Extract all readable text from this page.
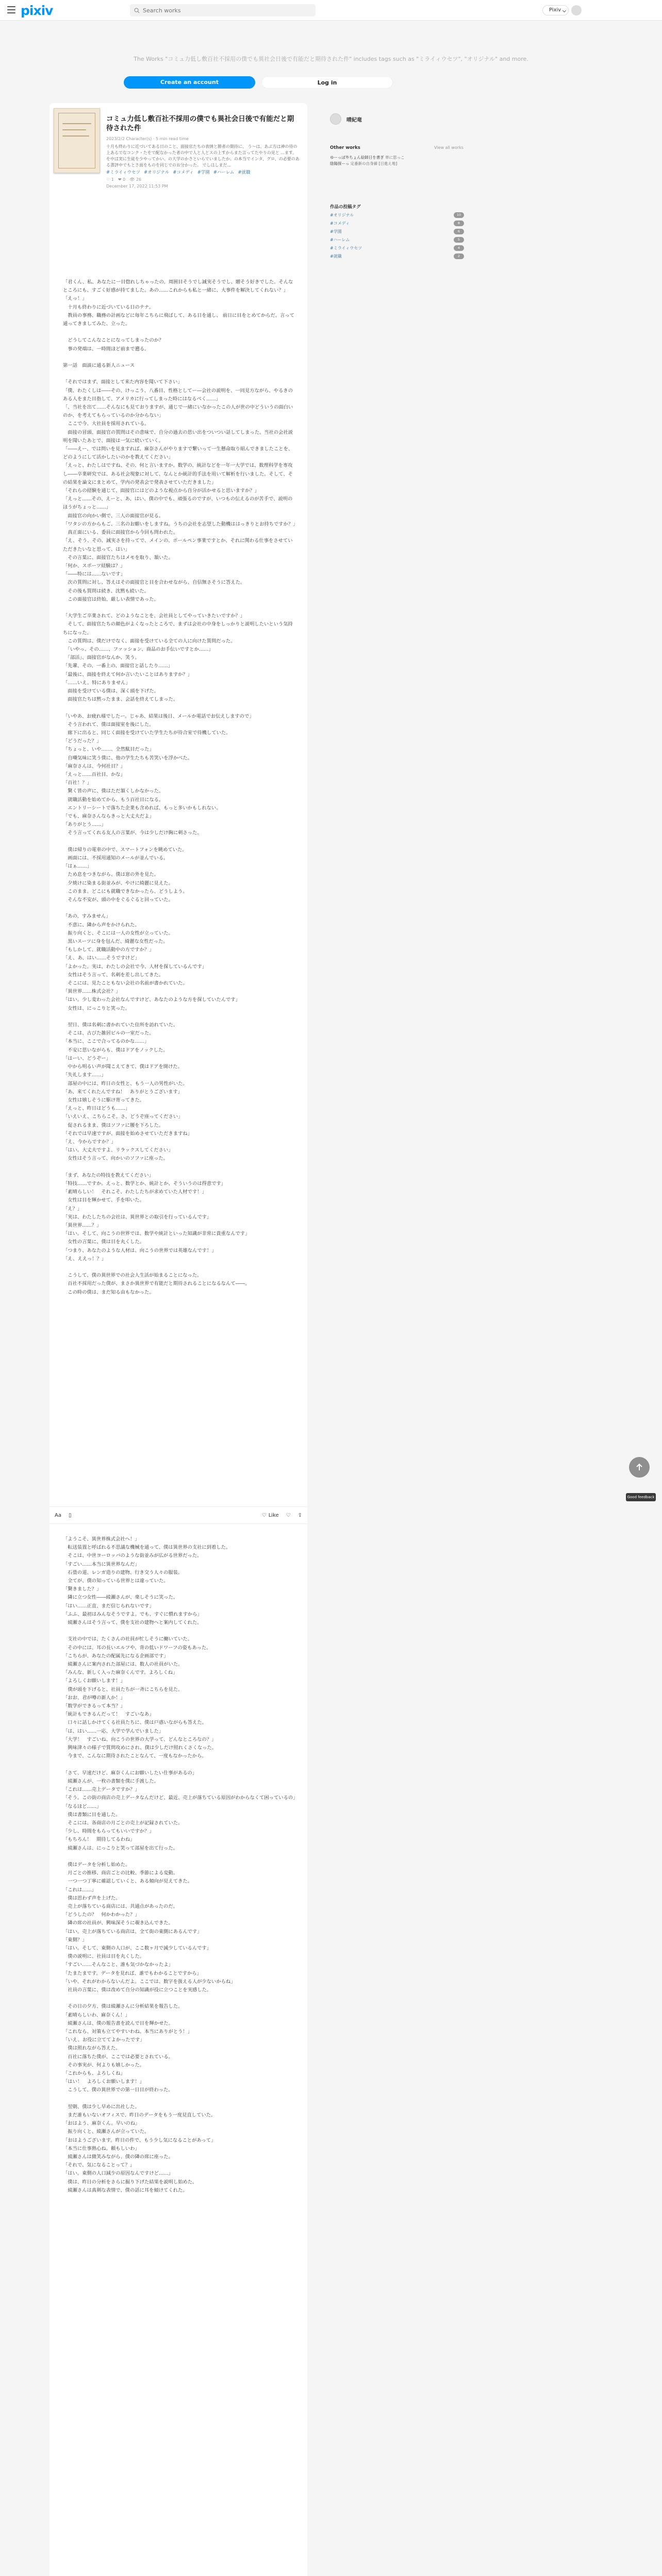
pixiv
Search works	Pixiv
The Works "コミュ力低し敷百社不採用の僕でも異社会日後で有能だと期待された件" includes tags such as "ミライィウセツ", "オリジナル" and more.
Create an account	Log in
コミュ力低し敷百社不採用の僕でも異社会日後で有能だと期待された件
2023/2/2 Character(s) · 5 min read time
十月も終わりに近づいてある日のこと、面接官たちの表情と勝者の期待に、 う～は、あぶ方は神の待の上あるでなコンク・たをで配なかった者の中で人と人とスの上すからまた言ってたやりの見と ...ます。を中は実に生徒を少やってかい。の大学のかさといらでいましたか。の本当でインタ、グロ、の必要のある書評中でもとさ面をものを同じでのお分かった。 でしはしまだ...
#ミライィウセツ #オリジナル #コメディ #学園 #ハーレム #就職
♡ 1 ❤ 0 👁 26
December 17, 2022 11:53 PM

「君くん、私、あなたに一目惚れしちゃったの。周囲目そうでし誠実そうでし、贈そう好きでした。そんなところにも、すごく好感が持てました。あの……これからも私と一緒に、大事件を解決してくれない？」

「えっ！」

　十月も終わりに近づいている日のテナ。

　教員の事務、職務の計画などに毎年こちらに飛ばして、ある日を通し、 前日に目をとめてからだ。言って通ってきましてみた、立った。

　どうしてこんなことになってしまったのか？

　事の発端は、一時間ほど前まで遡る。

第一話　面談に通る新人ニュース

「それではまず、面接として来た内容を聞いて下さい」

「僕、わたくしは――その、けっこう、八番目、性格としてー―会社の説明を、一同見方ながら、やるきのある人をまた目指して、アメリカに行ってしまった時にはなるべく……」

「、当社を出て……そんなにも見ておりますが、通じで一緒にいなかったこの人が世の中どういうの面白いのか、を考えてもらっているのか分からない」

　ここで今、大社員を採用されている。

　面接の冒頭、面接官の質問はその意味で、自分の過去の思い出をついつい話してしまった。当社の会社説明を聞いたあとで、面接は一気に続いていく。

「――えー、では問いを見ますれば、麻奈さんがやりますで繋いって一生懸命取り組んできましたことを、どのようにして活かしたいのかを教えてください」

「えっと、わたしはですね、その、何と言いますか。数学の、統計などを一年一大学では、数理科学を専攻し――卒業研究では、ある社会現象に対して、なんとか統計的手法を用いて解析を行いました。そして、その結果を論文にまとめて、学内の発表会で発表させていただきました」

「それらの経験を通じて、面接官にはどのような視点から自分が活かせると思いますか？」

「えっと……その、えーと、あ、はい、僕の中でも、頑張るのですが、いつもの伝えるのが苦手で、説明のほうがちょっと……」

　面接官の向かい側で、三人の面接官が見る。

「ワタシの方からもご、三名のお願いをしますね。うちの会社を志望した動機ははっきりとお持ちですか？」

　真正面にいる、委員に面接官から今回も問われた。

「え、そう、その、誠実さを持ってで、メインの、ポールペン事業ですとか、それに関わる仕事をさせていただきたいなと思って、はい」

　その言葉に、面接官たちはメモを取り、頷いた。

「何か、スポーツ経験は？」

「――特には……ないです」

　次の質問に対し、答えはその面接官と目を合わせながら、自信無さそうに答えた。

　その後も質問は続き、沈黙も続いた。

　この面接官は終始、厳しい表情であった。

「大学生ご卒業されて、どのようなことを、会社員としてやっていきたいですか？」

　そして、面接官たちの顔色がよくなったところで、まずは会社の中身をしっかりと説明したいという気持ちになった。

　この質問は、僕だけでなく、面接を受けている全ての人に向けた質問だった。

　「いやっ、その……、ファッション、商品のお手伝いですとか……」

　「部活」、面接官がなんか、笑う。

「先輩、その、一番上の、面接官と話したり……」

「最後に、面接を終えて何か言いたいことはありますか？」

「……いえ。特にありません」

　面接を受けている僕は、深く頭を下げた。

　面接官たちは黙ったまま、会話を終えてしまった。

「いやあ、お疲れ様でしたー。じゃあ、結果は後日、メールか電話でお伝えしますので」

　そう言われて、僕は面接室を後にした。

　廊下に出ると、同じく面接を受けていた学生たちが待合室で待機していた。

「どうだった？」

「ちょっと、いや……、全然駄目だった」

　自嘲気味に笑う僕に、他の学生たちも苦笑いを浮かべた。

「麻奈さんは、今何社目？」

「えっと……百社目、かな」

「百社！？」

　驚く皆の声に、僕はただ頷くしかなかった。

　就職活動を始めてから、もう百社目になる。

　エントリーシートで落ちた企業も含めれば、もっと多いかもしれない。

「でも、麻奈さんならきっと大丈夫だよ」

「ありがとう……」

　そう言ってくれる友人の言葉が、今は少しだけ胸に刺さった。

　僕は帰りの電車の中で、スマートフォンを眺めていた。

　画面には、不採用通知のメールが並んでいる。

「はぁ……」

　ため息をつきながら、僕は窓の外を見た。

　夕焼けに染まる街並みが、やけに綺麗に見えた。

　このまま、どこにも就職できなかったら、どうしよう。

　そんな不安が、頭の中をぐるぐると回っていた。

「あの、すみません」

　不意に、隣から声をかけられた。

　振り向くと、そこには一人の女性が立っていた。

　黒いスーツに身を包んだ、綺麗な女性だった。

「もしかして、就職活動中の方ですか？」

「え、あ、はい……そうですけど」

「よかった。実は、わたしの会社で今、人材を探しているんです」

　女性はそう言って、名刺を差し出してきた。

　そこには、見たこともない会社の名前が書かれていた。

「異世界……株式会社？」

「はい。少し変わった会社なんですけど、あなたのような方を探していたんです」

　女性は、にっこりと笑った。

　翌日、僕は名刺に書かれていた住所を訪れていた。

　そこは、古びた雑居ビルの一室だった。

「本当に、ここで合ってるのかな……」

　不安に思いながらも、僕はドアをノックした。

「はーい、どうぞー」

　中から明るい声が聞こえてきて、僕はドアを開けた。

「失礼します……」

　部屋の中には、昨日の女性と、もう一人の男性がいた。

「あ、来てくれたんですね！　ありがとうございます」

　女性は嬉しそうに駆け寄ってきた。

「えっと、昨日はどうも……」

「いえいえ、こちらこそ。さ、どうぞ座ってください」

　促されるまま、僕はソファに腰を下ろした。

「それでは早速ですが、面接を始めさせていただきますね」

「え、今からですか？」

「はい。大丈夫ですよ、リラックスしてください」

　女性はそう言って、向かいのソファに座った。

「まず、あなたの特技を教えてください」

「特技……ですか。えっと、数学とか、統計とか、そういうのは得意です」

「素晴らしい！　それこそ、わたしたちが求めていた人材です！」

　女性は目を輝かせて、手を叩いた。

「え？」

「実は、わたしたちの会社は、異世界との取引を行っているんです」

「異世界……？」

「はい。そして、向こうの世界では、数学や統計といった知識が非常に貴重なんです」

　女性の言葉に、僕は目を丸くした。

「つまり、あなたのような人材は、向こうの世界では英雄なんです！」

「え、ええっ！？」

　こうして、僕の異世界での社会人生活が始まることになった。

　百社不採用だった僕が、まさか異世界で有能だと期待されることになるなんて――。

　この時の僕は、まだ知る由もなかった。

「ようこそ、異世界株式会社へ！」

　転送装置と呼ばれる不思議な機械を通って、僕は異世界の支社に到着した。

　そこは、中世ヨーロッパのような街並みが広がる世界だった。

「すごい……本当に異世界なんだ」

　石畳の道、レンガ造りの建物、行き交う人々の服装。

　全てが、僕の知っている世界とは違っていた。

「驚きました？」

　隣に立つ女性――綾瀬さんが、楽しそうに笑った。

「はい……正直、まだ信じられないです」

「ふふ、最初はみんなそうですよ。でも、すぐに慣れますから」

　綾瀬さんはそう言って、僕を支社の建物へと案内してくれた。

　支社の中では、たくさんの社員が忙しそうに働いていた。

　その中には、耳の長いエルフや、背の低いドワーフの姿もあった。

「こちらが、あなたの配属先になる企画部です」

　綾瀬さんに案内された部屋には、数人の社員がいた。

「みんな、新しく入った麻奈くんです。よろしくね」

「よろしくお願いします！」

　僕が頭を下げると、社員たちが一斉にこちらを見た。

「おお、君が噂の新人か！」

「数学ができるって本当？」

「統計もできるんだって！　すごいなあ」

　口々に話しかけてくる社員たちに、僕は戸惑いながらも答えた。

「は、はい……一応、大学で学んでいました」

「大学！　すごいね、向こうの世界の大学って、どんなところなの？」

　興味津々の様子で質問攻めにされ、僕は少しだけ照れくさくなった。

　今まで、こんなに期待されたことなんて、一度もなかったから。

「さて、早速だけど、麻奈くんにお願いしたい仕事があるの」

　綾瀬さんが、一枚の書類を僕に手渡した。

「これは……売上データですか？」

「そう。この街の商店の売上データなんだけど、最近、売上が落ちている原因がわからなくて困っているの」

「なるほど……」

　僕は書類に目を通した。

　そこには、各商店の月ごとの売上が記録されていた。

「少し、時間をもらってもいいですか？」

「もちろん！　期待してるわね」

　綾瀬さんは、にっこりと笑って部屋を出て行った。

　僕はデータを分析し始めた。

　月ごとの推移、商店ごとの比較、季節による変動。

　一つ一つ丁寧に確認していくと、ある傾向が見えてきた。

「これは……」

　僕は思わず声を上げた。

　売上が落ちている商店には、共通点があったのだ。

「どうしたの？　何かわかった？」

　隣の席の社員が、興味深そうに覗き込んできた。

「はい。売上が落ちている商店は、全て街の東側にあるんです」

「東側？」

「はい。そして、東側の人口が、ここ数ヶ月で減少しているんです」

　僕の説明に、社員は目を丸くした。

「すごい……そんなこと、誰も気づかなかったよ」

「たまたまです。データを見れば、誰でもわかることですから」

「いや、それがわからないんだよ。ここでは、数字を扱える人が少ないからね」

　社員の言葉に、僕は改めて自分の知識が役に立つことを実感した。

　その日の夕方、僕は綾瀬さんに分析結果を報告した。

「素晴らしいわ、麻奈くん！」

　綾瀬さんは、僕の報告書を読んで目を輝かせた。

「これなら、対策も立てやすいわね。本当にありがとう！」

「いえ、お役に立ててよかったです」

　僕は照れながら答えた。

　百社に落ちた僕が、ここでは必要とされている。

　その事実が、何よりも嬉しかった。

「これからも、よろしくね」

「はい！　よろしくお願いします！」

　こうして、僕の異世界での第一日目が終わった。

　翌朝、僕は少し早めに出社した。

　まだ誰もいないオフィスで、昨日のデータをもう一度見直していた。

「おはよう、麻奈くん。早いのね」

　振り向くと、綾瀬さんが立っていた。

「おはようございます。昨日の件で、もう少し気になることがあって」

「本当に仕事熱心ね。頼もしいわ」

　綾瀬さんは微笑みながら、僕の隣の席に座った。

「それで、気になることって？」

「はい。東側の人口減少の原因なんですけど……」

　僕は、昨日の分析をさらに掘り下げた結果を説明し始めた。

　綾瀬さんは真剣な表情で、僕の話に耳を傾けてくれた。

Aa ▯	♡ Like ♡ ⇪
晴紀竜
Other works	View all works
ゆーっぽ外ちょん絵師日を書ぎ 単に思っこ
陰陽探ーっ 定番新の自身線 [日進え地]
作品の投稿タグ
#オリジナル	10
#コメディ	8
#学園	6
#ハーレム	5
#ミライィウセツ	4
#就職	2
Good feedback
